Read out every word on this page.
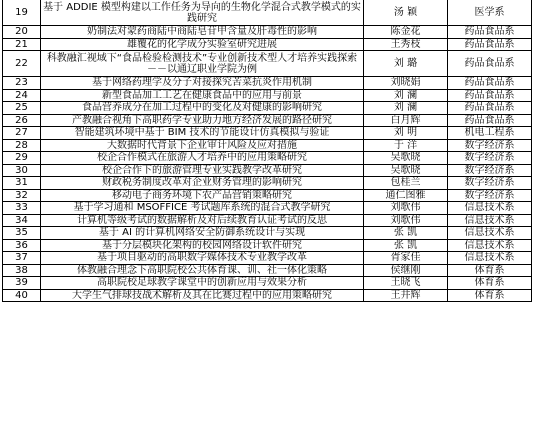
19	基于 ADDIE 模型构建以工作任务为导向的生物化学混合式教学模式的实践研究	汤 颖	医学系
20	奶制法对蒙药商陆中商陆皂苷甲含量及肝毒性的影响	陈金花	药品食品系
21	雄覆花的化学成分实验室研究进展	王秀枝	药品食品系
22	科教融汇视域下“食品检验检测技术”专业创新技术型人才培养实践探索－－以通辽职业学院为例	刘 璐	药品食品系
23	基于网络药理学及分子对接探究苦菜抗炎作用机制	刘晓娟	药品食品系
24	新型食品加工工艺在健康食品中的应用与前景	刘 澜	药品食品系
25	食品营养成分在加工过程中的变化及对健康的影响研究	刘 澜	药品食品系
26	产教融合视角下高职药学专业助力地方经济发展的路径研究	白月辉	药品食品系
27	智能建筑环境中基于 BIM 技术的节能设计仿真模拟与验证	刘 明	机电工程系
28	大数据时代背景下企业审计风险及应对措施	于 洋	数字经济系
29	校企合作模式在旅游人才培养中的应用策略研究	吴歌晓	数字经济系
30	校企合作下的旅游管理专业实践教学改革研究	吴歌晓	数字经济系
31	财政税务制度改革对企业财务管理的影响研究	包桂兰	数字经济系
32	移动电子商务环境下农产品营销策略研究	通仁图雅	数字经济系
33	基于学习通和 MSOFFICE 考试题库系统的混合式教学研究	刘歌伟	信息技术系
34	计算机等级考试的数据解析及对后续教育认证考试的反思	刘歌伟	信息技术系
35	基于 AI 的计算机网络安全防御系统设计与实现	张 凯	信息技术系
36	基于分层模块化架构的校园网络设计软件研究	张 凯	信息技术系
37	基于项目驱动的高职数字媒体技术专业教学改革	胥家佳	信息技术系
38	体教融合理念下高职院校公共体育课、训、社一体化策略	侯继刚	体育系
39	高职院校足球教学课堂中的创新应用与效果分析	王晓飞	体育系
40	大学生气排球技战术解析及其在比赛过程中的应用策略研究	王井辉	体育系
